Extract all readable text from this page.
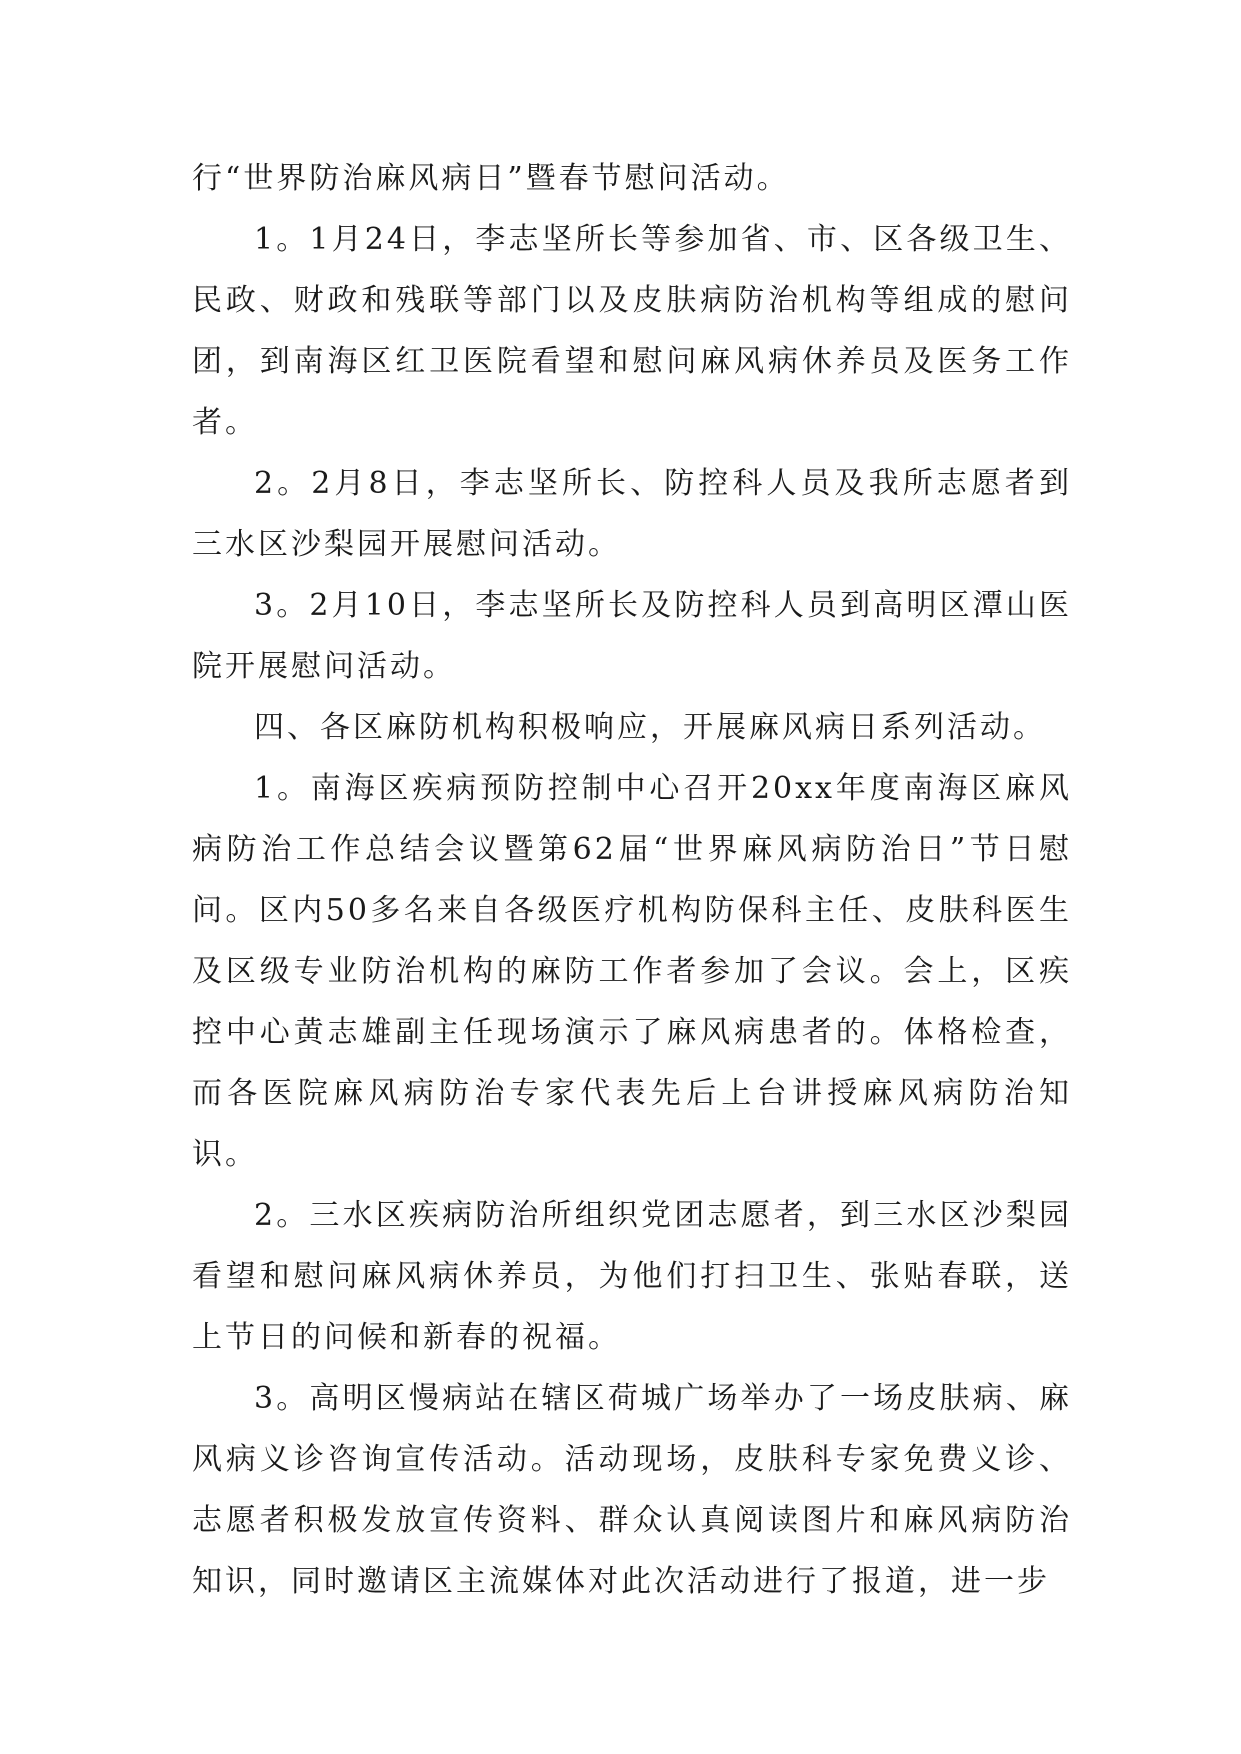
行“世界防治麻风病日”暨春节慰问活动。

1。1月24日，李志坚所长等参加省、市、区各级卫生、民政、财政和残联等部门以及皮肤病防治机构等组成的慰问团，到南海区红卫医院看望和慰问麻风病休养员及医务工作者。

2。2月8日，李志坚所长、防控科人员及我所志愿者到三水区沙梨园开展慰问活动。

3。2月10日，李志坚所长及防控科人员到高明区潭山医院开展慰问活动。

四、各区麻防机构积极响应，开展麻风病日系列活动。

1。南海区疾病预防控制中心召开20xx年度南海区麻风病防治工作总结会议暨第62届“世界麻风病防治日”节日慰问。区内50多名来自各级医疗机构防保科主任、皮肤科医生及区级专业防治机构的麻防工作者参加了会议。会上，区疾控中心黄志雄副主任现场演示了麻风病患者的。体格检查，而各医院麻风病防治专家代表先后上台讲授麻风病防治知识。

2。三水区疾病防治所组织党团志愿者，到三水区沙梨园看望和慰问麻风病休养员，为他们打扫卫生、张贴春联，送上节日的问候和新春的祝福。

3。高明区慢病站在辖区荷城广场举办了一场皮肤病、麻风病义诊咨询宣传活动。活动现场，皮肤科专家免费义诊、志愿者积极发放宣传资料、群众认真阅读图片和麻风病防治知识，同时邀请区主流媒体对此次活动进行了报道，进一步
